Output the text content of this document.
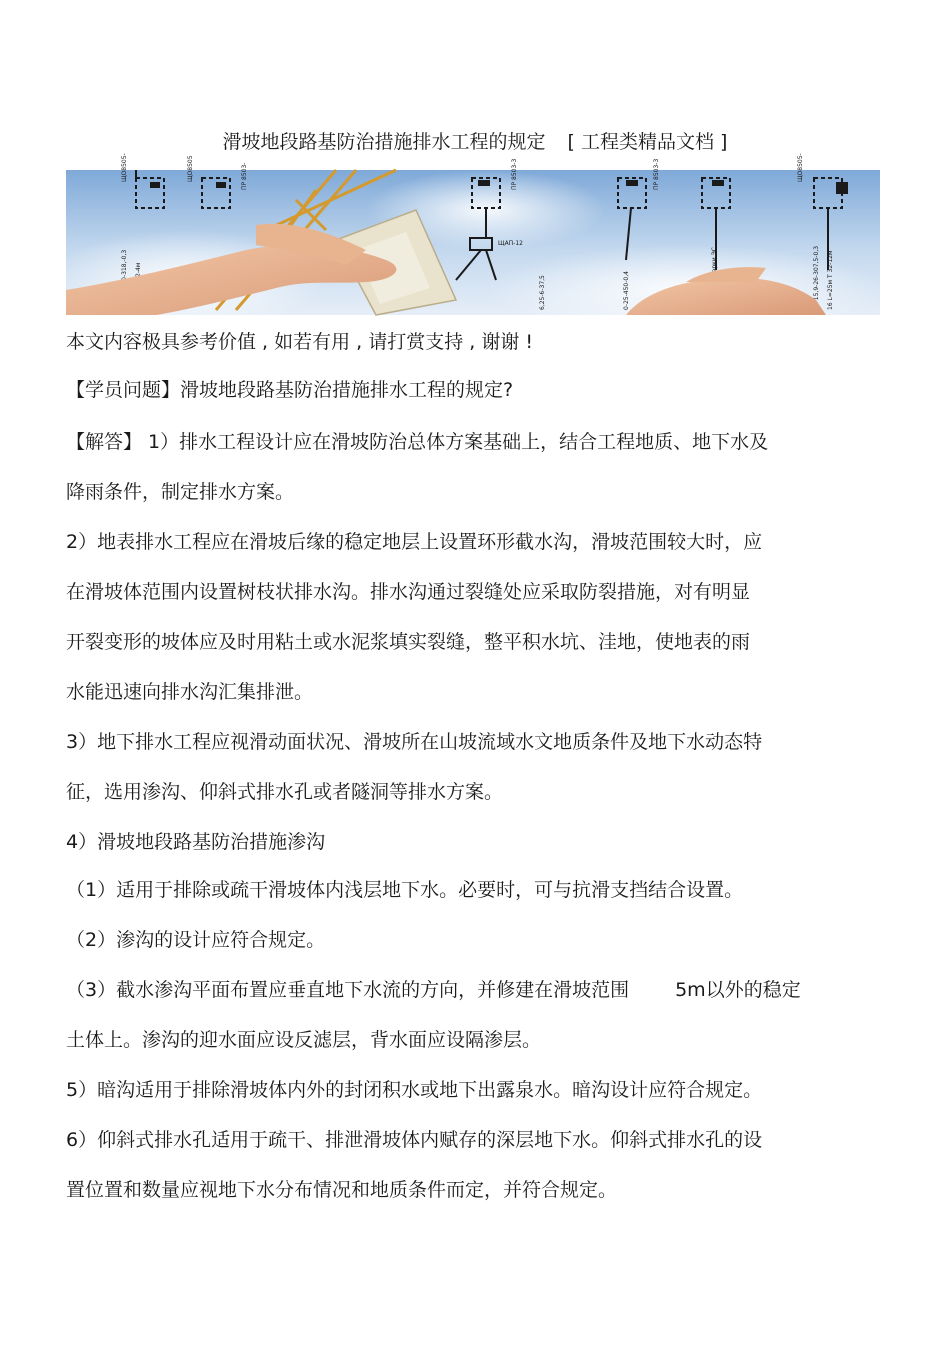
滑坡地段路基防治措施排水工程的规定 [ 工程类精品文档 ]
ЩО8505-	ЩО8505	ПР 8503-	ПР 8503-3
ЩАП-12
ПР 8503-3	ЩО8505-
0-25-450-0,4
6,25-6-37,5	22-15,9-26-307,5-0,3 16 L=25м Т 32-12м
本文内容极具参考价值 , 如若有用 , 请打赏支持 , 谢谢 !
【学员问题】滑坡地段路基防治措施排水工程的规定?
【解答】 1）排水工程设计应在滑坡防治总体方案基础上，结合工程地质、地下水及
降雨条件，制定排水方案。
2）地表排水工程应在滑坡后缘的稳定地层上设置环形截水沟，滑坡范围较大时，应
在滑坡体范围内设置树枝状排水沟。排水沟通过裂缝处应采取防裂措施，对有明显
开裂变形的坡体应及时用粘土或水泥浆填实裂缝，整平积水坑、洼地，使地表的雨
水能迅速向排水沟汇集排泄。
3）地下排水工程应视滑动面状况、滑坡所在山坡流域水文地质条件及地下水动态特
征，选用渗沟、仰斜式排水孔或者隧洞等排水方案。
4）滑坡地段路基防治措施渗沟
（1）适用于排除或疏干滑坡体内浅层地下水。必要时，可与抗滑支挡结合设置。
（2）渗沟的设计应符合规定。
（3）截水渗沟平面布置应垂直地下水流的方向，并修建在滑坡范围 5m以外的稳定
土体上。渗沟的迎水面应设反滤层，背水面应设隔渗层。
5）暗沟适用于排除滑坡体内外的封闭积水或地下出露泉水。暗沟设计应符合规定。
6）仰斜式排水孔适用于疏干、排泄滑坡体内赋存的深层地下水。仰斜式排水孔的设
置位置和数量应视地下水分布情况和地质条件而定，并符合规定。
